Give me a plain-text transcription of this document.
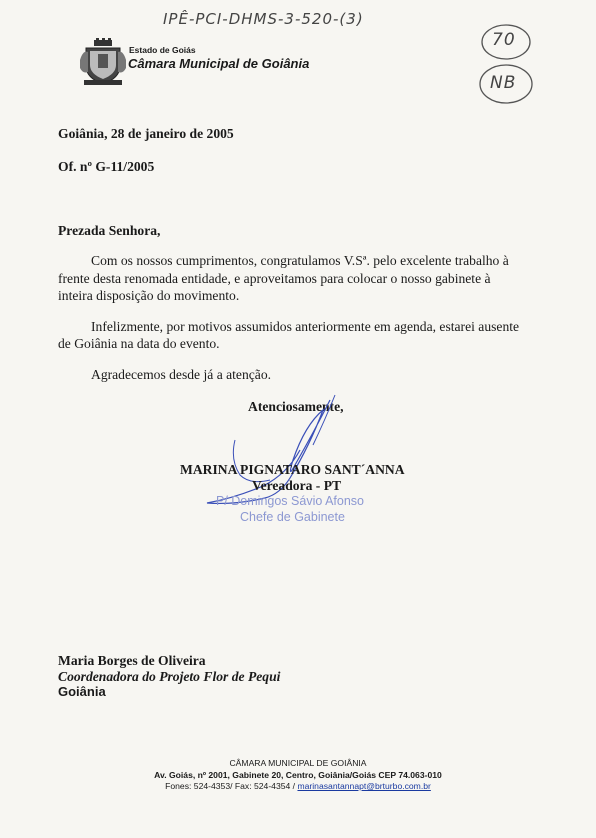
IPÊ-PCI-DHMS-3-520-(3)
70
NB
Estado de Goiás
Câmara Municipal de Goiânia
Goiânia, 28 de janeiro de 2005
Of. nº G-11/2005
Prezada Senhora,
Com os nossos cumprimentos, congratulamos V.Sª. pelo excelente trabalho à
frente desta renomada entidade, e aproveitamos para colocar o nosso gabinete à
inteira disposição do movimento.
Infelizmente, por motivos assumidos anteriormente em agenda, estarei ausente
de Goiânia na data do evento.
Agradecemos desde já a atenção.
Atenciosamente,
MARINA PIGNATARO SANT´ANNA
Vereadora - PT
P/ Domingos Sávio Afonso
Chefe de Gabinete
Maria Borges de Oliveira
Coordenadora do Projeto Flor de Pequi
Goiânia
CÂMARA MUNICIPAL DE GOIÂNIA
Av. Goiás, nº 2001, Gabinete 20, Centro, Goiânia/Goiás CEP 74.063-010
Fones: 524-4353/ Fax: 524-4354 / marinasantannapt@brturbo.com.br
